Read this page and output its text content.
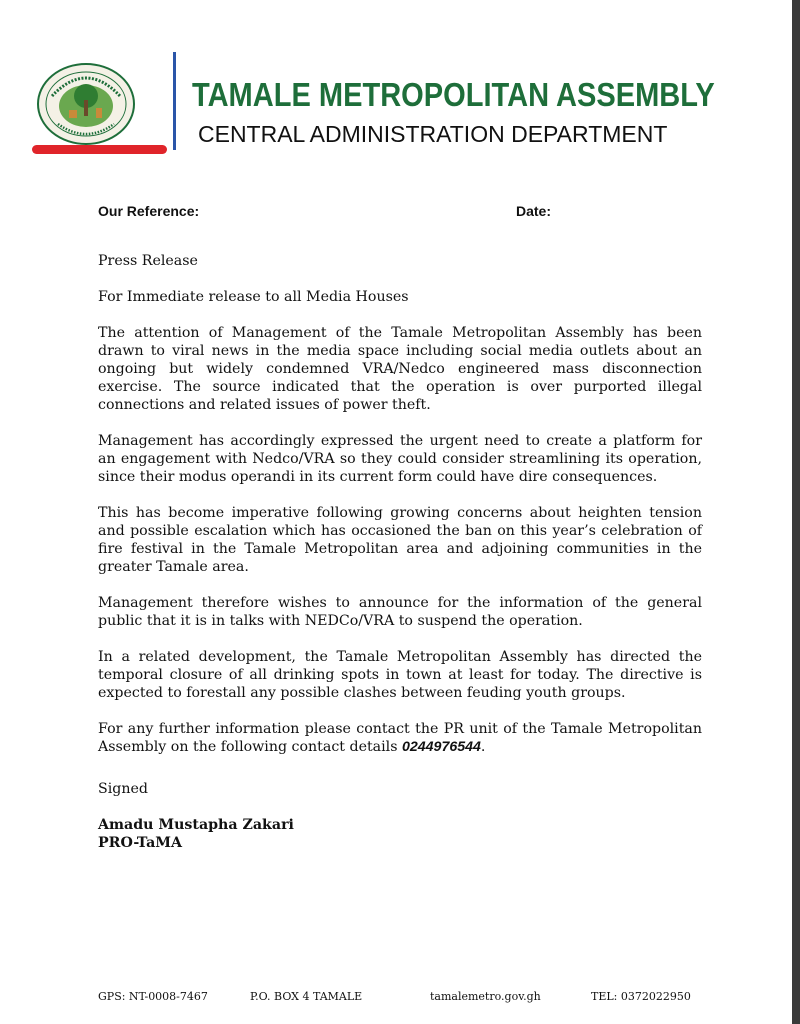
TAMALE METROPOLITAN ASSEMBLY
CENTRAL ADMINISTRATION DEPARTMENT
Our Reference:	Date:

Press Release

For Immediate release to all Media Houses

The attention of Management of the Tamale Metropolitan Assembly has been drawn to viral news in the media space including social media outlets about an ongoing but widely condemned VRA/Nedco engineered mass disconnection exercise. The source indicated that the operation is over purported illegal connections and related issues of power theft.

Management has accordingly expressed the urgent need to create a platform for an engagement with Nedco/VRA so they could consider streamlining its operation, since their modus operandi in its current form could have dire consequences.

This has become imperative following growing concerns about heighten tension and possible escalation which has occasioned the ban on this year’s celebration of fire festival in the Tamale Metropolitan area and adjoining communities in the greater Tamale area.

Management therefore wishes to announce for the information of the general public that it is in talks with NEDCo/VRA to suspend the operation.

In a related development, the Tamale Metropolitan Assembly has directed the temporal closure of all drinking spots in town at least for today. The directive is expected to forestall any possible clashes between feuding youth groups.

For any further information please contact the PR unit of the Tamale Metropolitan Assembly on the following contact details 0244976544.

Signed

Amadu Mustapha Zakari
PRO-TaMA
GPS: NT-0008-7467	P.O. BOX 4 TAMALE	tamalemetro.gov.gh	TEL: 0372022950
